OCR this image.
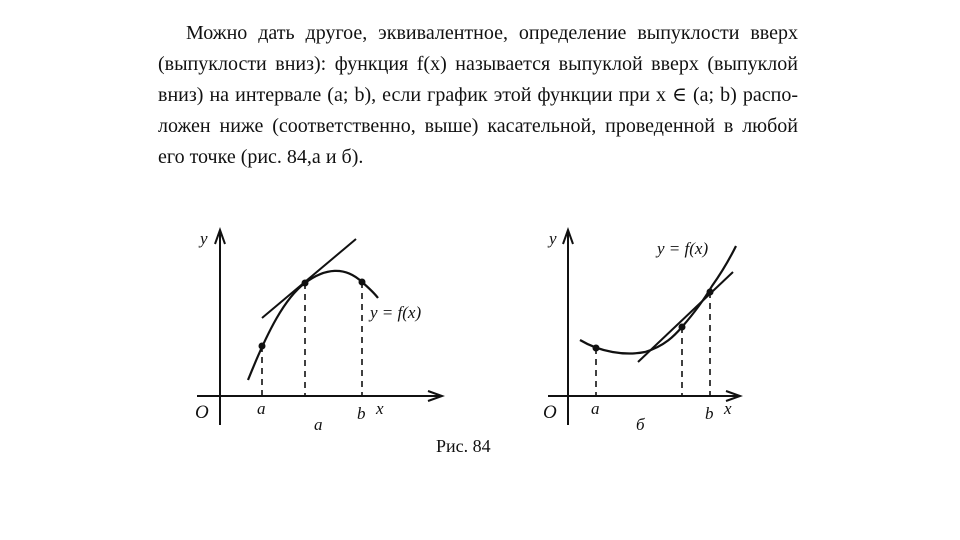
Можно дать другое, эквивалентное, определение выпуклости вверх
(выпуклости вниз): функция f(x) называется выпуклой вверх (выпуклой
вниз) на интервале (a; b), если график этой функции при x ∈ (a; b) распо-
ложен ниже (соответственно, выше) касательной, проведенной в любой
его точке (рис. 84,а и б).
y
O	a	b x
y = f(x)
а
y
O a	b x
y = f(x)
б
Рис. 84
